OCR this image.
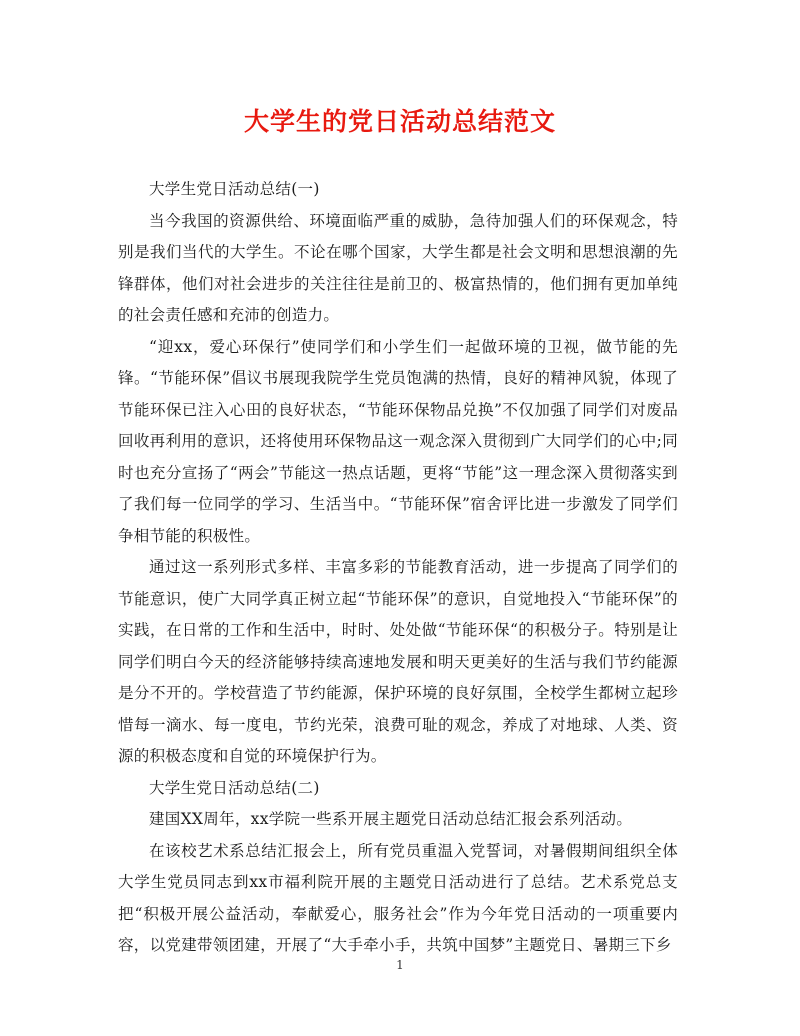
大学生的党日活动总结范文

大学生党日活动总结(一)

当今我国的资源供给、环境面临严重的威胁，急待加强人们的环保观念，特别是我们当代的大学生。不论在哪个国家，大学生都是社会文明和思想浪潮的先锋群体，他们对社会进步的关注往往是前卫的、极富热情的，他们拥有更加单纯的社会责任感和充沛的创造力。

“迎xx，爱心环保行”使同学们和小学生们一起做环境的卫视，做节能的先锋。“节能环保”倡议书展现我院学生党员饱满的热情，良好的精神风貌，体现了节能环保已注入心田的良好状态，“节能环保物品兑换”不仅加强了同学们对废品回收再利用的意识，还将使用环保物品这一观念深入贯彻到广大同学们的心中;同时也充分宣扬了“两会”节能这一热点话题，更将“节能”这一理念深入贯彻落实到了我们每一位同学的学习、生活当中。“节能环保”宿舍评比进一步激发了同学们争相节能的积极性。

通过这一系列形式多样、丰富多彩的节能教育活动，进一步提高了同学们的节能意识，使广大同学真正树立起“节能环保”的意识，自觉地投入“节能环保”的实践，在日常的工作和生活中，时时、处处做“节能环保“的积极分子。特别是让同学们明白今天的经济能够持续高速地发展和明天更美好的生活与我们节约能源是分不开的。学校营造了节约能源，保护环境的良好氛围，全校学生都树立起珍惜每一滴水、每一度电，节约光荣，浪费可耻的观念，养成了对地球、人类、资源的积极态度和自觉的环境保护行为。

大学生党日活动总结(二)

建国XX周年，xx学院一些系开展主题党日活动总结汇报会系列活动。

在该校艺术系总结汇报会上，所有党员重温入党誓词，对暑假期间组织全体大学生党员同志到xx市福利院开展的主题党日活动进行了总结。艺术系党总支把“积极开展公益活动，奉献爱心，服务社会”作为今年党日活动的一项重要内容，以党建带领团建，开展了“大手牵小手，共筑中国梦”主题党日、暑期三下乡

1
